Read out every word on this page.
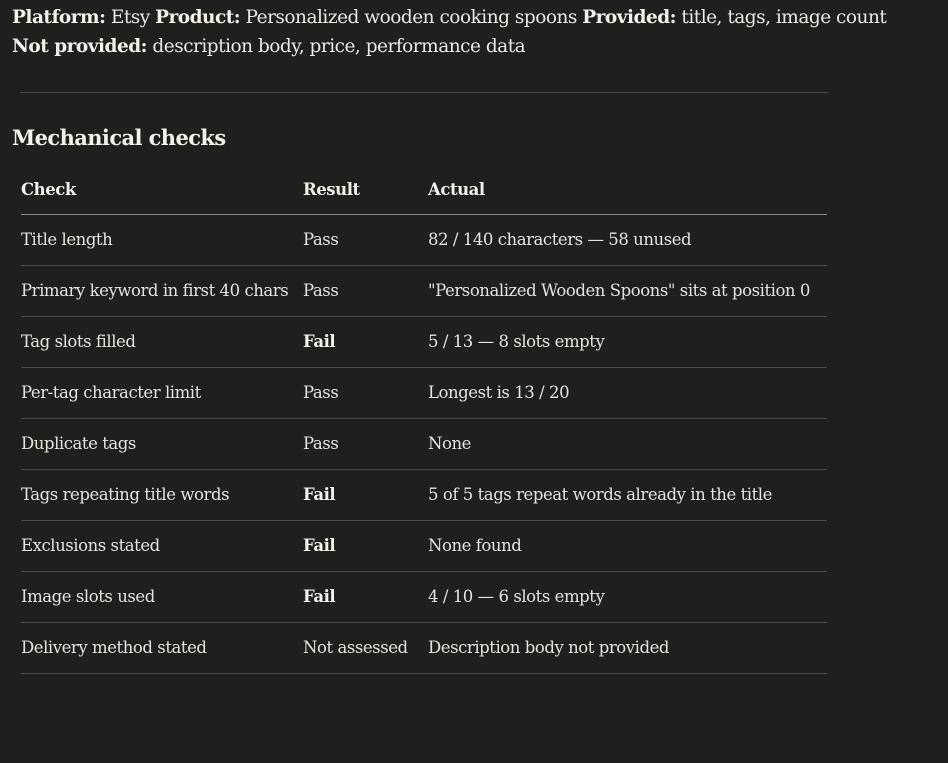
Platform: Etsy Product: Personalized wooden cooking spoons Provided: title, tags, image count Not provided: description body, price, performance data
Mechanical checks
Check	Result	Actual
Title length	Pass	82 / 140 characters — 58 unused
Primary keyword in first 40 chars	Pass	"Personalized Wooden Spoons" sits at position 0
Tag slots filled	Fail	5 / 13 — 8 slots empty
Per-tag character limit	Pass	Longest is 13 / 20
Duplicate tags	Pass	None
Tags repeating title words	Fail	5 of 5 tags repeat words already in the title
Exclusions stated	Fail	None found
Image slots used	Fail	4 / 10 — 6 slots empty
Delivery method stated	Not assessed	Description body not provided
